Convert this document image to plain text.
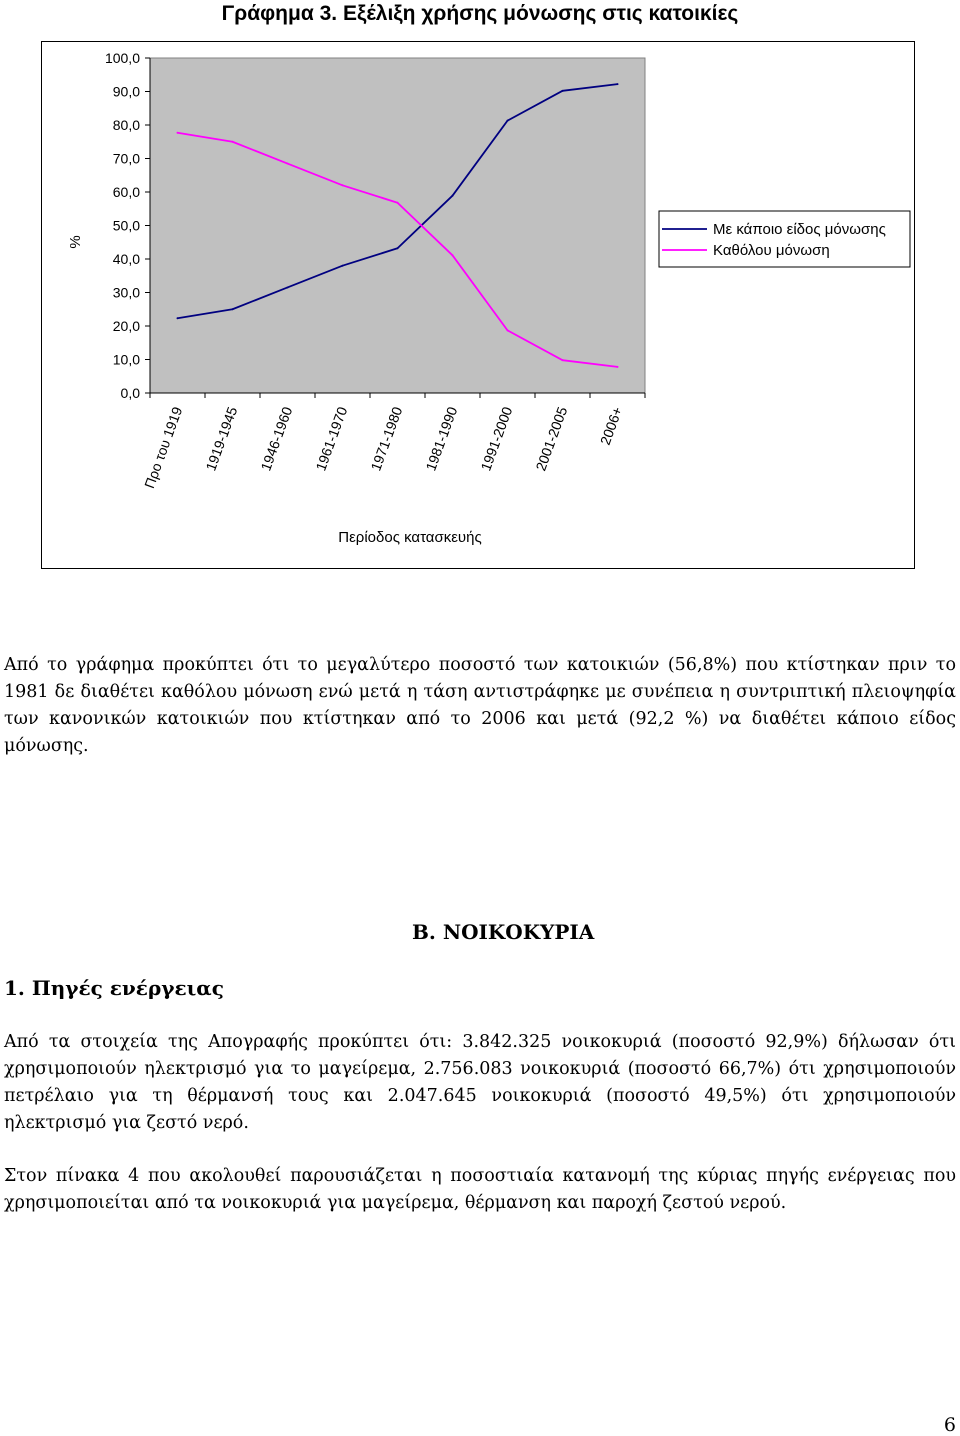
Γράφημα 3. Εξέλιξη χρήσης μόνωσης στις κατοικίες
0,0
10,0
20,0
30,0
40,0
50,0
60,0
70,0
80,0
90,0
100,0
%
Προ του 1919 1919-1945 1946-1960 1961-1970 1971-1980 1981-1990 1991-2000 2001-2005 2006+
Περίοδος κατασκευής
Με κάποιο είδος μόνωσης
Καθόλου μόνωση

Από το γράφημα προκύπτει ότι το μεγαλύτερο ποσοστό των κατοικιών (56,8%) που κτίστηκαν πριν το 1981 δε διαθέτει καθόλου μόνωση ενώ μετά η τάση αντιστράφηκε με συνέπεια η συντριπτική πλειοψηφία των κανονικών κατοικιών που κτίστηκαν από το 2006 και μετά (92,2 %) να διαθέτει κάποιο είδος μόνωσης.

Β. ΝΟΙΚΟΚΥΡΙΑ
1. Πηγές ενέργειας

Από τα στοιχεία της Απογραφής προκύπτει ότι: 3.842.325 νοικοκυριά (ποσοστό 92,9%) δήλωσαν ότι χρησιμοποιούν ηλεκτρισμό για το μαγείρεμα, 2.756.083 νοικοκυριά (ποσοστό 66,7%) ότι χρησιμοποιούν πετρέλαιο για τη θέρμανσή τους και 2.047.645 νοικοκυριά (ποσοστό 49,5%) ότι χρησιμοποιούν ηλεκτρισμό για ζεστό νερό.

Στον πίνακα 4 που ακολουθεί παρουσιάζεται η ποσοστιαία κατανομή της κύριας πηγής ενέργειας που χρησιμοποιείται από τα νοικοκυριά για μαγείρεμα, θέρμανση και παροχή ζεστού νερού.

6
